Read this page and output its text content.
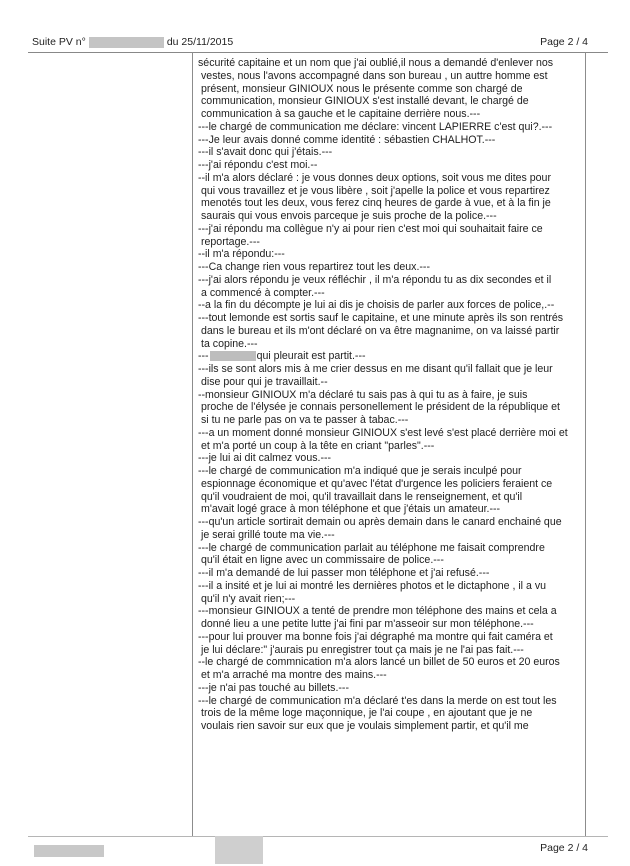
Suite PV n°	du 25/11/2015	Page 2 / 4
sécurité capitaine et un nom que j'ai oublié,il nous a demandé d'enlever nos
vestes, nous l'avons accompagné dans son bureau , un auttre homme est
présent, monsieur GINIOUX nous le présente comme son chargé de
communication, monsieur GINIOUX s'est installé devant, le chargé de
communication à sa gauche et le capitaine derrière nous.---
---le chargé de communication me déclare: vincent LAPIERRE c'est qui?.---
---Je leur avais donné comme identité : sébastien CHALHOT.---
---il s'avait donc qui j'étais.---
---j'ai répondu c'est moi.--
--il m'a alors déclaré : je vous donnes deux options, soit vous me dites pour
qui vous travaillez et je vous libère , soit j'apelle la police et vous repartirez
menotés tout les deux, vous ferez cinq heures de garde à vue, et à la fin je
saurais qui vous envois parceque je suis proche de la police.---
---j'ai répondu ma collègue n'y ai pour rien c'est moi qui souhaitait faire ce
reportage.---
--il m'a répondu:---
---Ca change rien vous repartirez tout les deux.---
---j'ai alors répondu je veux réfléchir , il m'a répondu tu as dix secondes et il
a commencé à compter.---
--a la fin du décompte je lui ai dis je choisis de parler aux forces de police,.--
---tout lemonde est sortis sauf le capitaine, et une minute après ils son rentrés
dans le bureau et ils m'ont déclaré on va être magnanime, on va laissé partir
ta copine.---
---	qui pleurait est partit.---
---ils se sont alors mis à me crier dessus en me disant qu'il fallait que je leur
dise pour qui je travaillait.--
--monsieur GINIOUX m'a déclaré tu sais pas à qui tu as à faire, je suis
proche de l'élysée je connais personellement le président de la république et
si tu ne parle pas on va te passer à tabac.---
---a un moment donné monsieur GINIOUX s'est levé s'est placé derrière moi et
et m'a porté un coup à la tête en criant "parles".---
---je lui ai dit calmez vous.---
---le chargé de communication m'a indiqué que je serais inculpé pour
espionnage économique et qu'avec l'état d'urgence les policiers feraient ce
qu'il voudraient de moi, qu'il travaillait dans le renseignement, et qu'il
m'avait logé grace à mon téléphone et que j'étais un amateur.---
---qu'un article sortirait demain ou après demain dans le canard enchainé que
je serai grillé toute ma vie.---
---le chargé de communication parlait au téléphone me faisait comprendre
qu'il était en ligne avec un commissaire de police.---
---il m'a demandé de lui passer mon téléphone et j'ai refusé.---
---il a insité et je lui ai montré les dernières photos et le dictaphone , il a vu
qu'il n'y avait rien;---
---monsieur GINIOUX a tenté de prendre mon téléphone des mains et cela a
donné lieu a une petite lutte j'ai fini par m'asseoir sur mon téléphone.---
---pour lui prouver ma bonne fois j'ai dégraphé ma montre qui fait caméra et
je lui déclare:" j'aurais pu enregistrer tout ça mais je ne l'ai pas fait.---
--le chargé de commnication m'a alors lancé un billet de 50 euros et 20 euros
et m'a arraché ma montre des mains.---
---je n'ai pas touché au billets.---
---le chargé de communication m'a déclaré t'es dans la merde on est tout les
trois de la même loge maçonnique, je l'ai coupe , en ajoutant que je ne
voulais rien savoir sur eux que je voulais simplement partir, et qu'il me
Page 2 / 4
